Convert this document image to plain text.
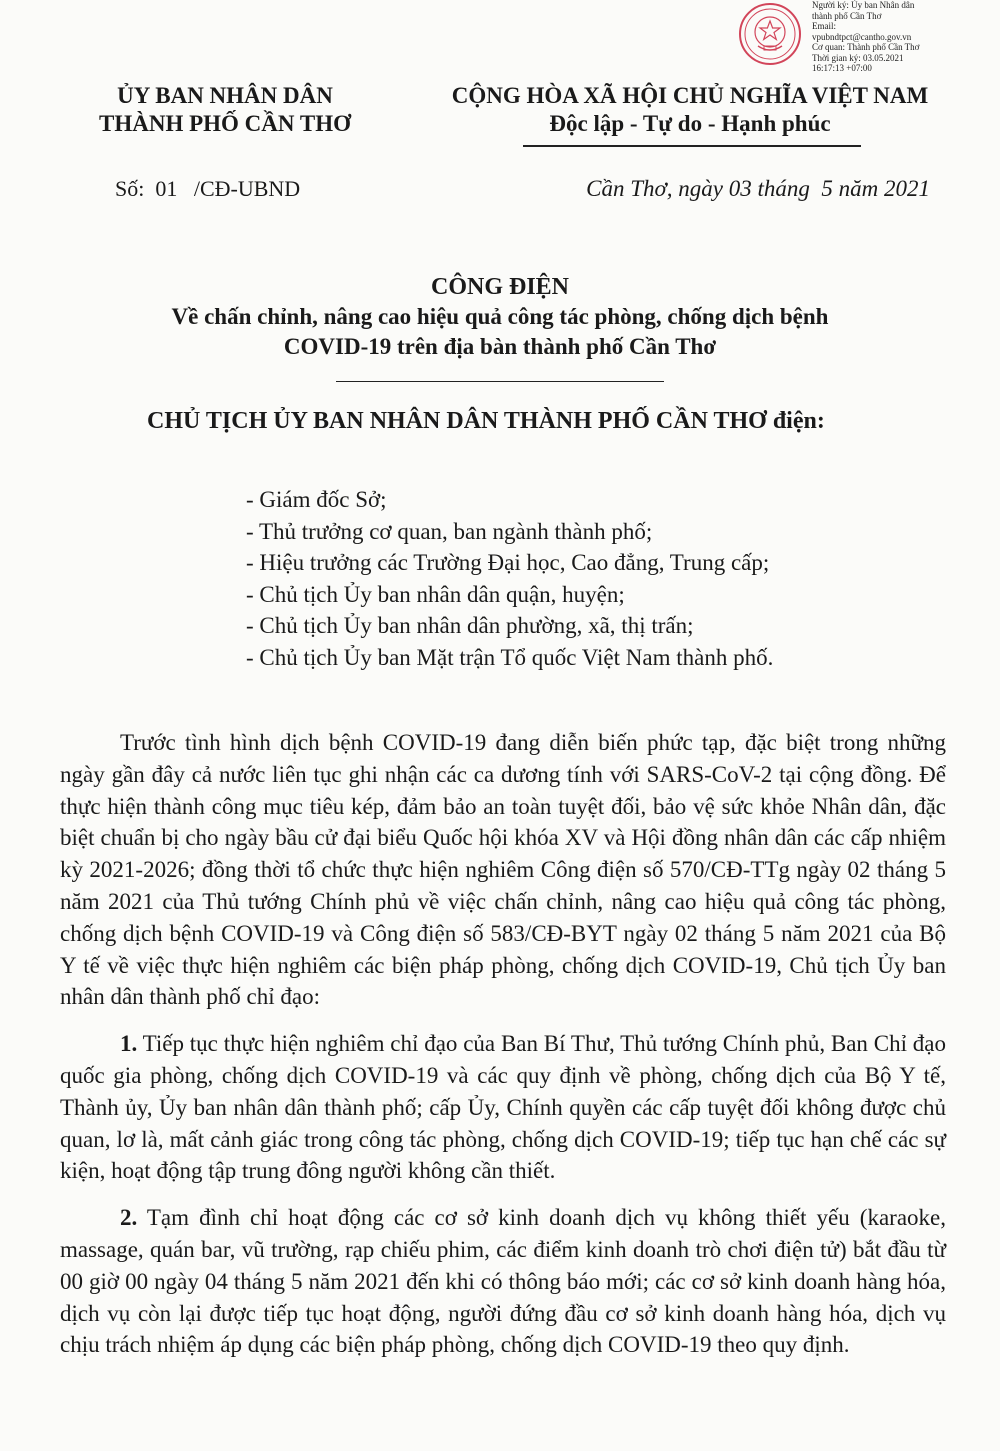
Người ký: Ủy ban Nhân dân
thành phố Cần Thơ
Email:
vpubndtpct@cantho.gov.vn
Cơ quan: Thành phố Cần Thơ
Thời gian ký: 03.05.2021
16:17:13 +07:00
ỦY BAN NHÂN DÂN
THÀNH PHỐ CẦN THƠ
CỘNG HÒA XÃ HỘI CHỦ NGHĨA VIỆT NAM
Độc lập - Tự do - Hạnh phúc
Số:  01   /CĐ-UBND	Cần Thơ, ngày 03 tháng  5 năm 2021
CÔNG ĐIỆN
Về chấn chỉnh, nâng cao hiệu quả công tác phòng, chống dịch bệnh
COVID-19 trên địa bàn thành phố Cần Thơ
CHỦ TỊCH ỦY BAN NHÂN DÂN THÀNH PHỐ CẦN THƠ điện:
- Giám đốc Sở;
- Thủ trưởng cơ quan, ban ngành thành phố;
- Hiệu trưởng các Trường Đại học, Cao đẳng, Trung cấp;
- Chủ tịch Ủy ban nhân dân quận, huyện;
- Chủ tịch Ủy ban nhân dân phường, xã, thị trấn;
- Chủ tịch Ủy ban Mặt trận Tổ quốc Việt Nam thành phố.

Trước tình hình dịch bệnh COVID-19 đang diễn biến phức tạp, đặc biệt trong những ngày gần đây cả nước liên tục ghi nhận các ca dương tính với SARS-CoV-2 tại cộng đồng. Để thực hiện thành công mục tiêu kép, đảm bảo an toàn tuyệt đối, bảo vệ sức khỏe Nhân dân, đặc biệt chuẩn bị cho ngày bầu cử đại biểu Quốc hội khóa XV và Hội đồng nhân dân các cấp nhiệm kỳ 2021-2026; đồng thời tổ chức thực hiện nghiêm Công điện số 570/CĐ-TTg ngày 02 tháng 5 năm 2021 của Thủ tướng Chính phủ về việc chấn chỉnh, nâng cao hiệu quả công tác phòng, chống dịch bệnh COVID-19 và Công điện số 583/CĐ-BYT ngày 02 tháng 5 năm 2021 của Bộ Y tế về việc thực hiện nghiêm các biện pháp phòng, chống dịch COVID-19, Chủ tịch Ủy ban nhân dân thành phố chỉ đạo:

1. Tiếp tục thực hiện nghiêm chỉ đạo của Ban Bí Thư, Thủ tướng Chính phủ, Ban Chỉ đạo quốc gia phòng, chống dịch COVID-19 và các quy định về phòng, chống dịch của Bộ Y tế, Thành ủy, Ủy ban nhân dân thành phố; cấp Ủy, Chính quyền các cấp tuyệt đối không được chủ quan, lơ là, mất cảnh giác trong công tác phòng, chống dịch COVID-19; tiếp tục hạn chế các sự kiện, hoạt động tập trung đông người không cần thiết.

2. Tạm đình chỉ hoạt động các cơ sở kinh doanh dịch vụ không thiết yếu (karaoke, massage, quán bar, vũ trường, rạp chiếu phim, các điểm kinh doanh trò chơi điện tử) bắt đầu từ 00 giờ 00 ngày 04 tháng 5 năm 2021 đến khi có thông báo mới; các cơ sở kinh doanh hàng hóa, dịch vụ còn lại được tiếp tục hoạt động, người đứng đầu cơ sở kinh doanh hàng hóa, dịch vụ chịu trách nhiệm áp dụng các biện pháp phòng, chống dịch COVID-19 theo quy định.
